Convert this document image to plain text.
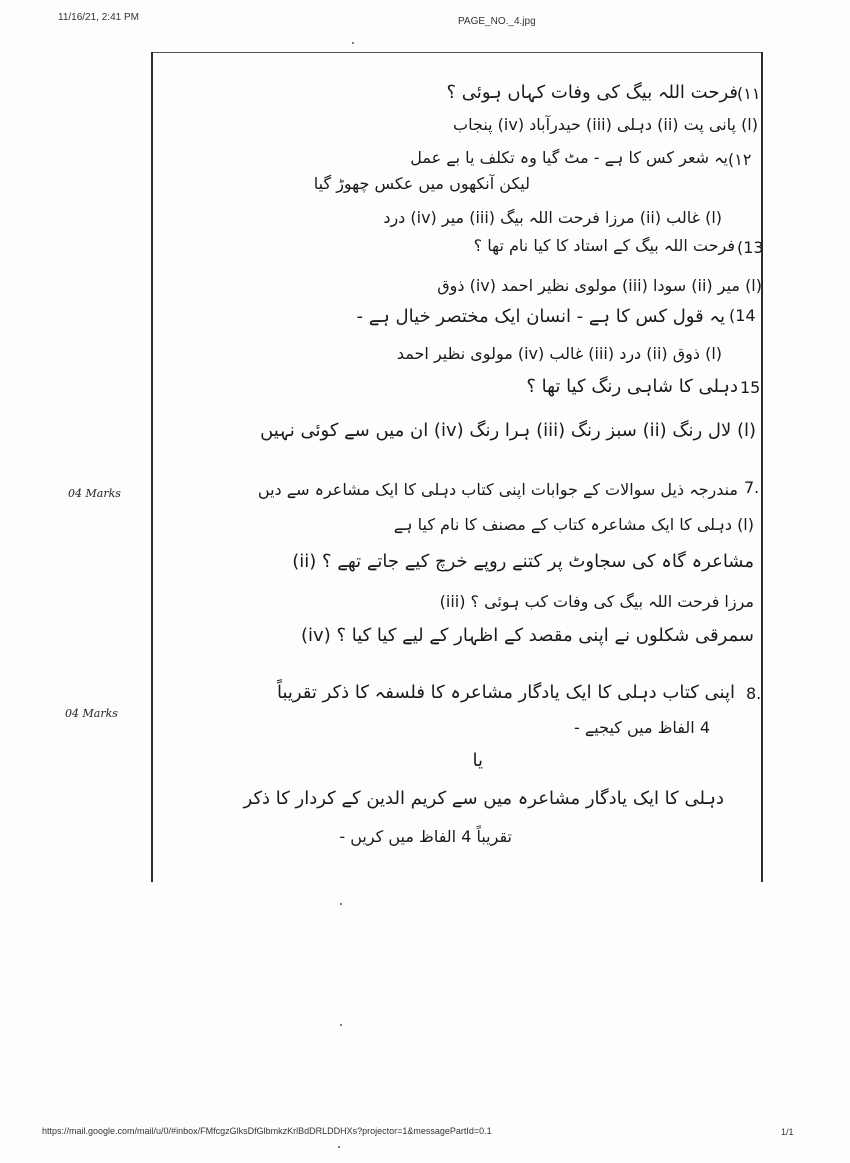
11/16/21, 2:41 PM	PAGE_NO._4.jpg
https://mail.google.com/mail/u/0/#inbox/FMfcgzGlksDfGlbmkzKrlBdDRLDDHXs?projector=1&messagePartId=0.1	1/1
(۱۱
فرحت اللہ بیگ کی وفات کہاں ہوئی ؟
(ا) پانی پت (ii) دہلی (iii) حیدرآباد (iv) پنجاب
(۱۲
یہ شعر کس کا ہے - مٹ گیا وہ تکلف یا بے عمل
لیکن آنکھوں میں عکس چھوڑ گیا
(ا) غالب (ii) مرزا فرحت اللہ بیگ (iii) میر (iv) درد
(13
فرحت اللہ بیگ کے استاد کا کیا نام تھا ؟
(ا) میر (ii) سودا (iii) مولوی نظیر احمد (iv) ذوق
(14
یہ قول کس کا ہے - انسان ایک مختصر خیال ہے -
(ا) ذوق (ii) درد (iii) غالب (iv) مولوی نظیر احمد
15
دہلی کا شاہی رنگ کیا تھا ؟
(ا) لال رنگ (ii) سبز رنگ (iii) ہرا رنگ (iv) ان میں سے کوئی نہیں
04 Marks	7.
مندرجہ ذیل سوالات کے جوابات اپنی کتاب دہلی کا ایک مشاعرہ سے دیں
(ا) دہلی کا ایک مشاعرہ کتاب کے مصنف کا نام کیا ہے
(ii) مشاعرہ گاہ کی سجاوٹ پر کتنے روپے خرچ کیے جاتے تھے ؟
(iii) مرزا فرحت اللہ بیگ کی وفات کب ہوئی ؟
(iv) سمرقی شکلوں نے اپنی مقصد کے اظہار کے لیے کیا کیا ؟
04 Marks
8.
اپنی کتاب دہلی کا ایک یادگار مشاعرہ کا فلسفہ کا ذکر تقریباً
4 الفاظ میں کیجیے -
یا
دہلی کا ایک یادگار مشاعرہ میں سے کریم الدین کے کردار کا ذکر
تقریباً 4 الفاظ میں کریں -
